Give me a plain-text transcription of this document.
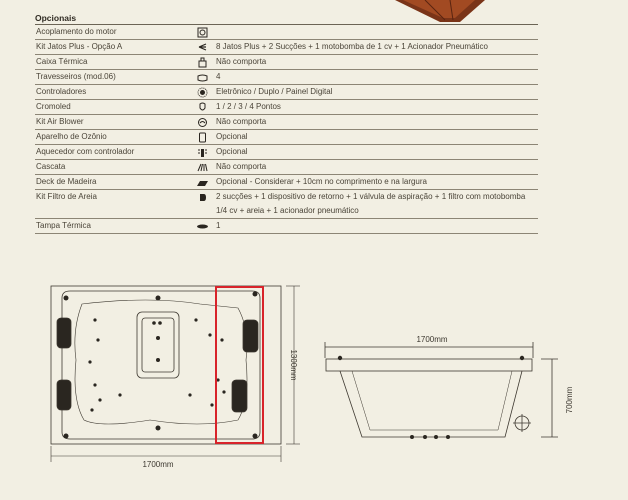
Opcionais
Acoplamento do motor
Kit Jatos Plus - Opção A	8 Jatos Plus + 2 Sucções + 1 motobomba de 1 cv + 1 Acionador Pneumático
Caixa Térmica	Não comporta
Travesseiros (mod.06)	4
Controladores	Eletrônico / Duplo / Painel Digital
Cromoled	1 / 2 / 3 / 4 Pontos
Kit Air Blower	Não comporta
Aparelho de Ozônio	Opcional
Aquecedor com controlador	Opcional
Cascata	Não comporta
Deck de Madeira	Opcional - Considerar + 10cm no comprimento e na largura
Kit Filtro de Areia	2 sucções + 1 dispositivo de retorno + 1 válvula de aspiração + 1 filtro com motobomba 1/4 cv + areia + 1 acionador pneumático
Tampa Térmica	1
1700mm
1300mm
1700mm
700mm
